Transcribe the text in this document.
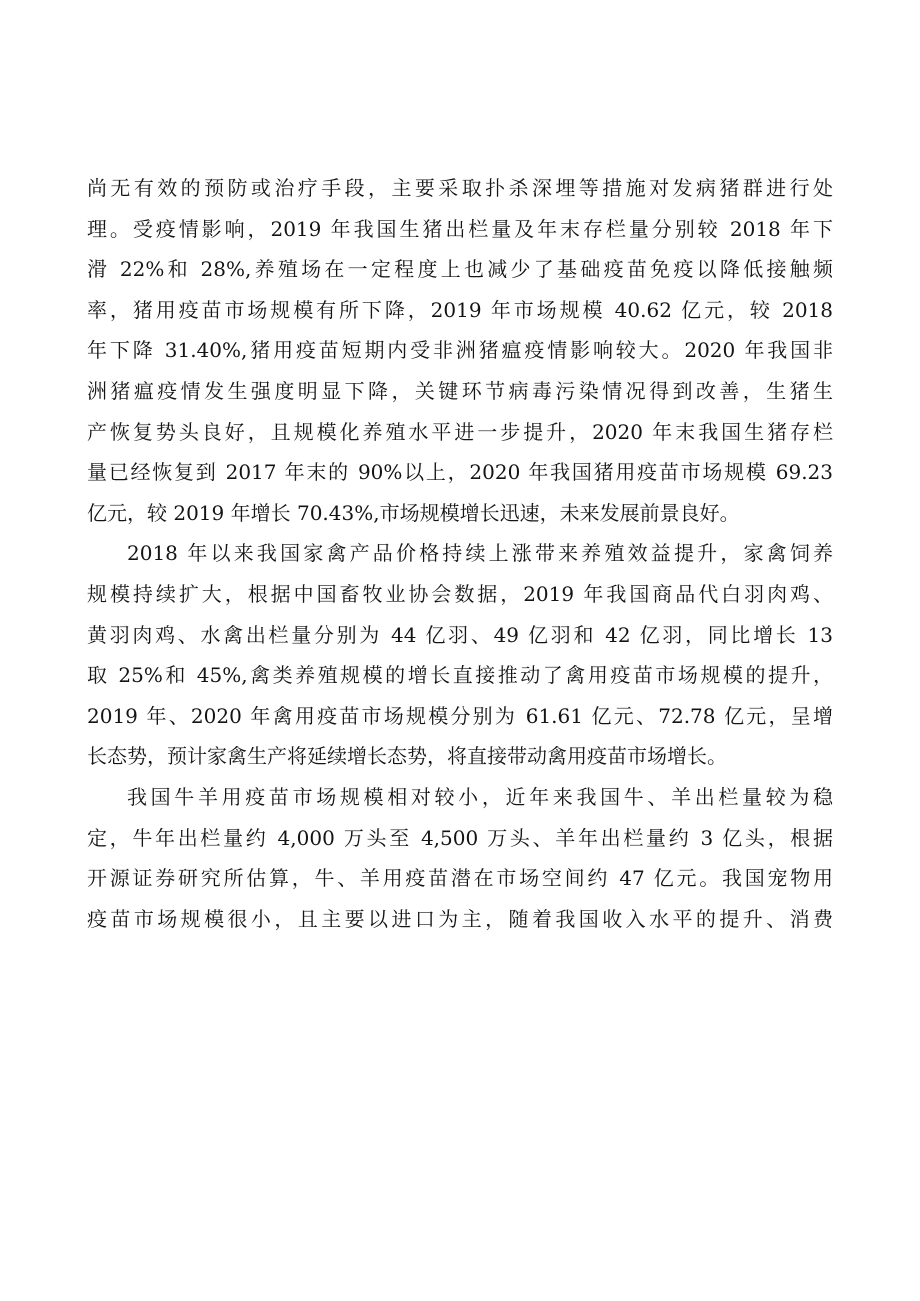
尚无有效的预防或治疗手段，主要采取扑杀深埋等措施对发病猪群进行处
理。受疫情影响，2019 年我国生猪出栏量及年末存栏量分别较 2018 年下
滑 22%和 28%,养殖场在一定程度上也减少了基础疫苗免疫以降低接触频
率，猪用疫苗市场规模有所下降，2019 年市场规模 40.62 亿元，较 2018
年下降 31.40%,猪用疫苗短期内受非洲猪瘟疫情影响较大。2020 年我国非
洲猪瘟疫情发生强度明显下降，关键环节病毒污染情况得到改善，生猪生
产恢复势头良好，且规模化养殖水平进一步提升，2020 年末我国生猪存栏
量已经恢复到 2017 年末的 90%以上，2020 年我国猪用疫苗市场规模 69.23
亿元，较 2019 年增长 70.43%,市场规模增长迅速，未来发展前景良好。
2018 年以来我国家禽产品价格持续上涨带来养殖效益提升，家禽饲养
规模持续扩大，根据中国畜牧业协会数据，2019 年我国商品代白羽肉鸡、
黄羽肉鸡、水禽出栏量分别为 44 亿羽、49 亿羽和 42 亿羽，同比增长 13
取 25%和 45%,禽类养殖规模的增长直接推动了禽用疫苗市场规模的提升，
2019 年、2020 年禽用疫苗市场规模分别为 61.61 亿元、72.78 亿元，呈增
长态势，预计家禽生产将延续增长态势，将直接带动禽用疫苗市场增长。
我国牛羊用疫苗市场规模相对较小，近年来我国牛、羊出栏量较为稳
定，牛年出栏量约 4,000 万头至 4,500 万头、羊年出栏量约 3 亿头，根据
开源证券研究所估算，牛、羊用疫苗潜在市场空间约 47 亿元。我国宠物用
疫苗市场规模很小，且主要以进口为主，随着我国收入水平的提升、消费
